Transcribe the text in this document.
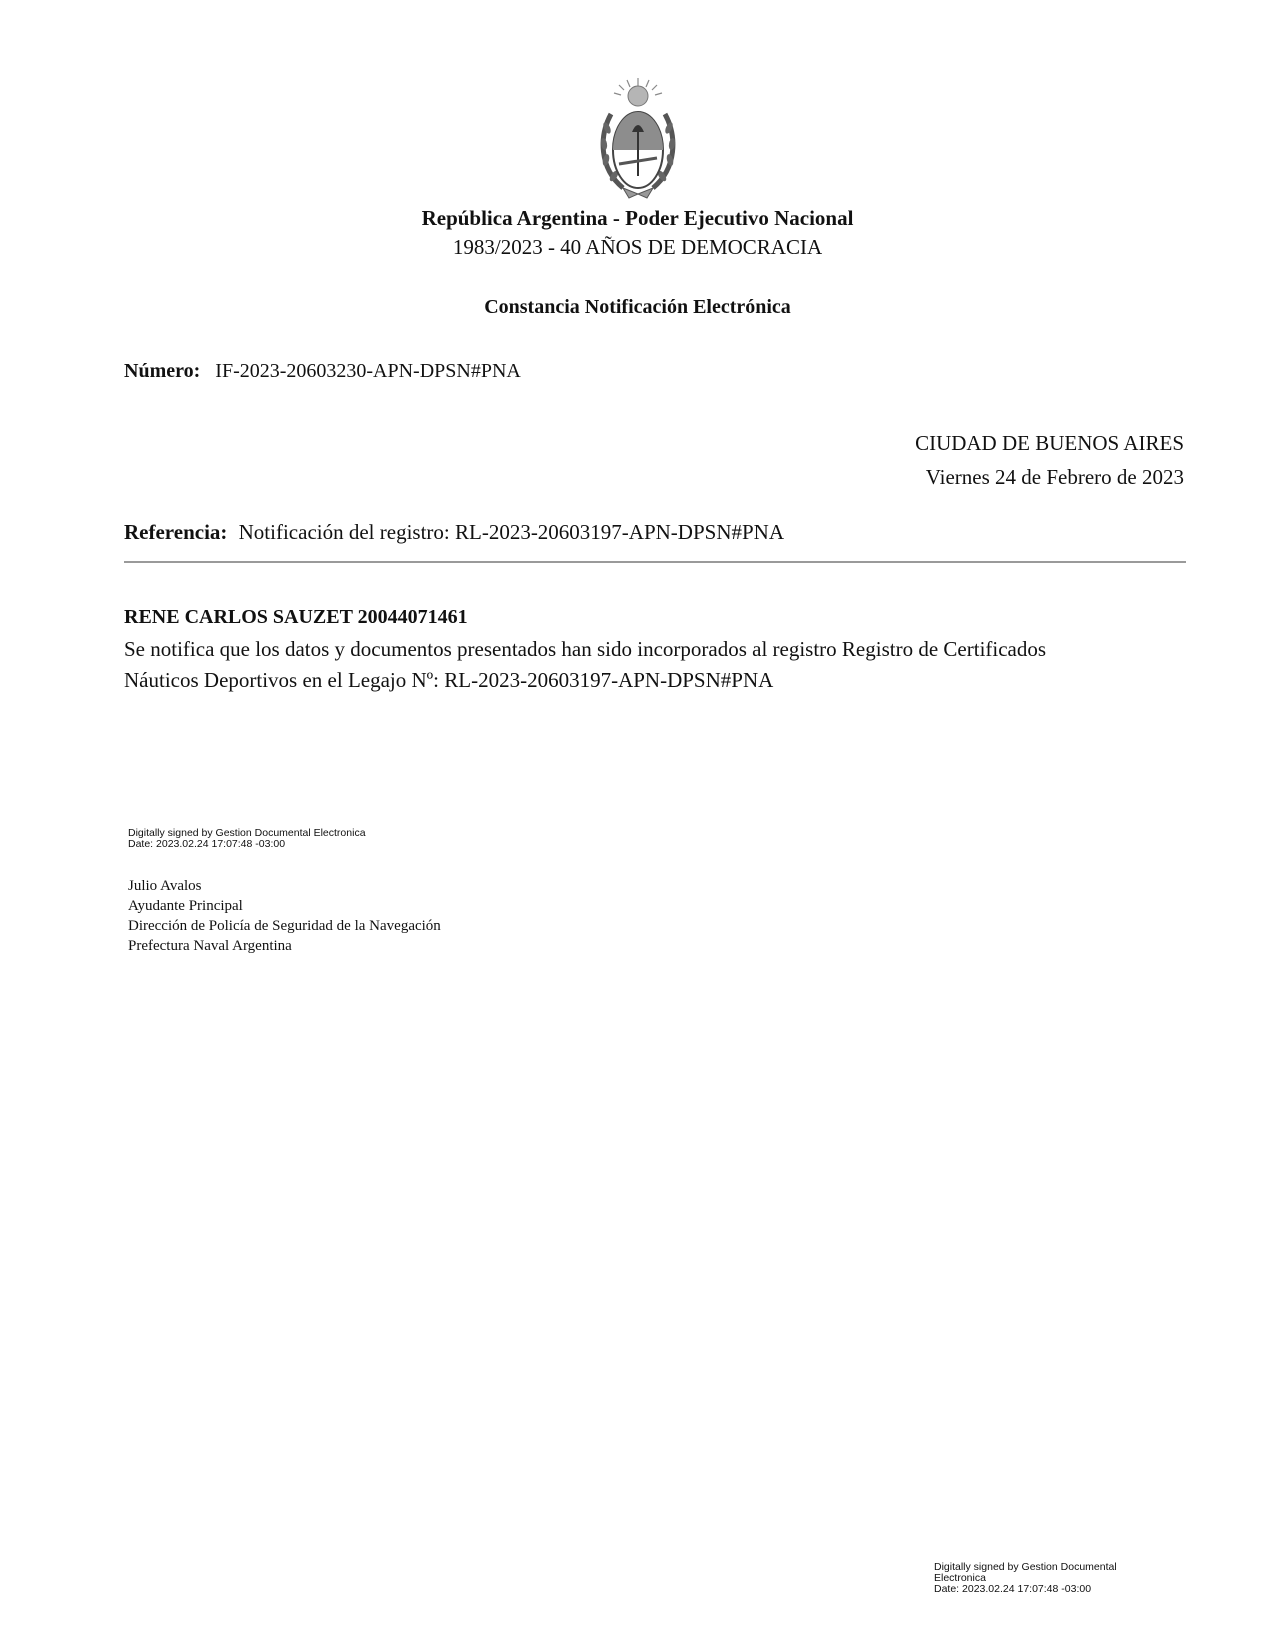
República Argentina - Poder Ejecutivo Nacional
1983/2023 - 40 AÑOS DE DEMOCRACIA
Constancia Notificación Electrónica
Número: IF-2023-20603230-APN-DPSN#PNA
CIUDAD DE BUENOS AIRES
Viernes 24 de Febrero de 2023
Referencia: Notificación del registro: RL-2023-20603197-APN-DPSN#PNA
RENE CARLOS SAUZET 20044071461
Se notifica que los datos y documentos presentados han sido incorporados al registro Registro de Certificados
Náuticos Deportivos en el Legajo Nº: RL-2023-20603197-APN-DPSN#PNA
Digitally signed by Gestion Documental Electronica
Date: 2023.02.24 17:07:48 -03:00
Julio Avalos
Ayudante Principal
Dirección de Policía de Seguridad de la Navegación
Prefectura Naval Argentina
Digitally signed by Gestion Documental
Electronica
Date: 2023.02.24 17:07:48 -03:00
